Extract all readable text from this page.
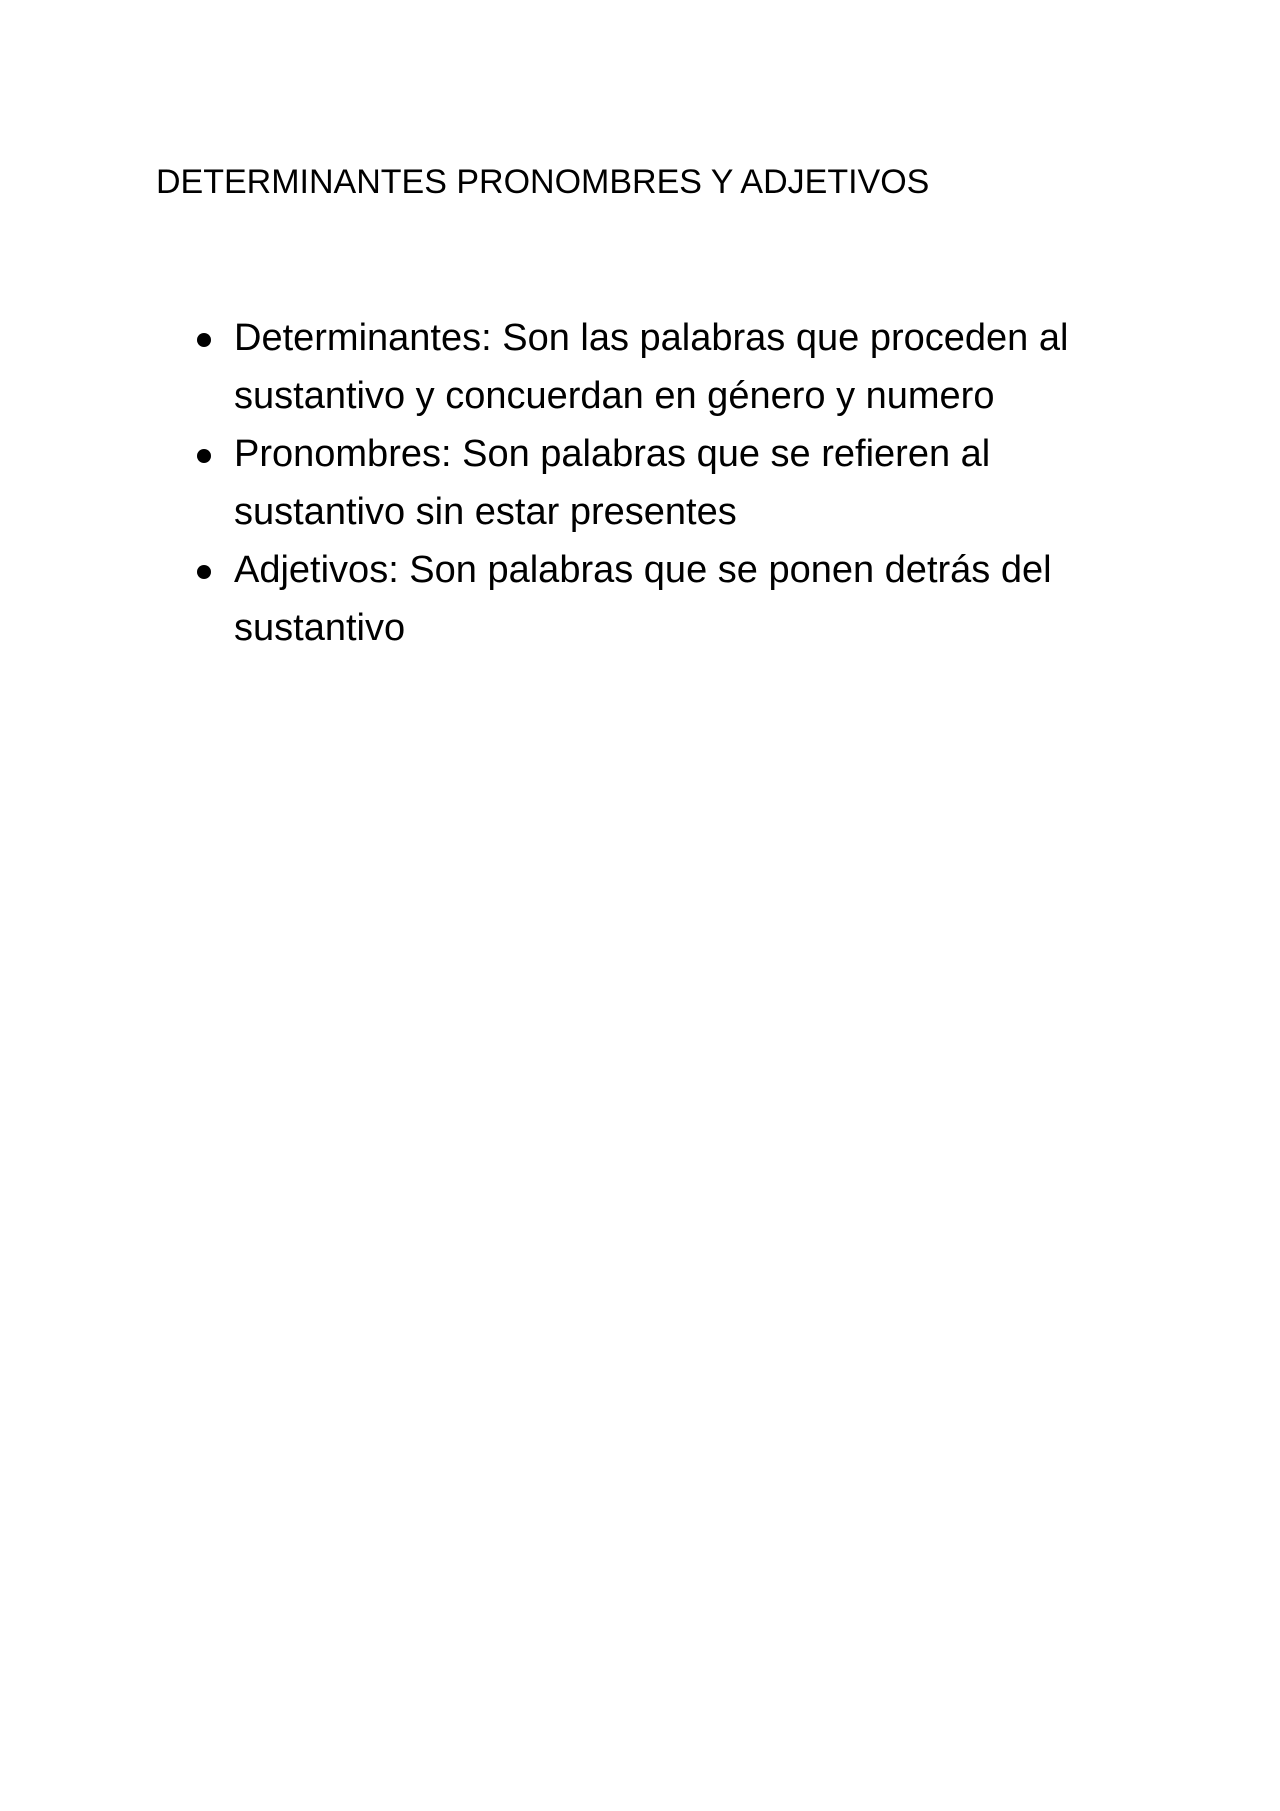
DETERMINANTES PRONOMBRES Y ADJETIVOS
Determinantes: Son las palabras que proceden al
sustantivo y concuerdan en género y numero
Pronombres: Son palabras que se refieren al
sustantivo sin estar presentes
Adjetivos: Son palabras que se ponen detrás del
sustantivo
